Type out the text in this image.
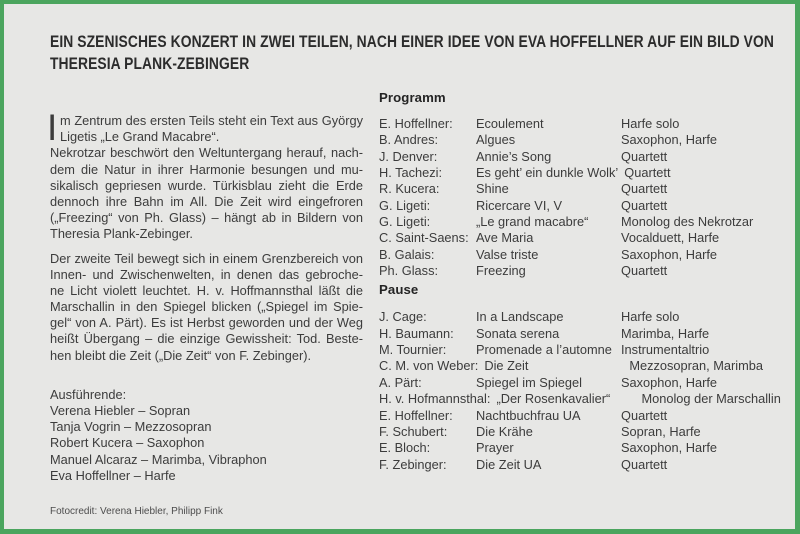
EIN SZENISCHES KONZERT IN ZWEI TEILEN, NACH EINER IDEE VON EVA HOFFELLNER AUF EIN BILD VON
THERESIA PLANK-ZEBINGER
I m Zentrum des ersten Teils steht ein Text aus György
Ligetis „Le Grand Macabre“.
Nekrotzar beschwört den Weltuntergang herauf, nach-
dem die Natur in ihrer Harmonie besungen und mu-
sikalisch gepriesen wurde. Türkisblau zieht die Erde
dennoch ihre Bahn im All. Die Zeit wird eingefroren
(„Freezing“ von Ph. Glass) – hängt ab in Bildern von
Theresia Plank-Zebinger.
Der zweite Teil bewegt sich in einem Grenzbereich von
Innen- und Zwischenwelten, in denen das gebroche-
ne Licht violett leuchtet. H. v. Hoffmannsthal läßt die
Marschallin in den Spiegel blicken („Spiegel im Spie-
gel“ von A. Pärt). Es ist Herbst geworden und der Weg
heißt Übergang – die einzige Gewissheit: Tod. Beste-
hen bleibt die Zeit („Die Zeit“ von F. Zebinger).
Ausführende:
Verena Hiebler – Sopran
Tanja Vogrin – Mezzosopran
Robert Kucera – Saxophon
Manuel Alcaraz – Marimba, Vibraphon
Eva Hoffellner – Harfe
Programm
E. Hoffellner:	Ecoulement	Harfe solo
B. Andres:	Algues	Saxophon, Harfe
J. Denver:	Annie’s Song	Quartett
H. Tachezi:	Es geht’ ein dunkle Wolk’ Quartett
R. Kucera:	Shine	Quartett
G. Ligeti:	Ricercare VI, V	Quartett
G. Ligeti:	„Le grand macabre“	Monolog des Nekrotzar
C. Saint-Saens: Ave Maria	Vocalduett, Harfe
B. Galais:	Valse triste	Saxophon, Harfe
Ph. Glass:	Freezing	Quartett
Pause
J. Cage:	In a Landscape	Harfe solo
H. Baumann:	Sonata serena	Marimba, Harfe
M. Tournier:	Promenade a l’automne Instrumentaltrio
C. M. von Weber: Die Zeit	Mezzosopran, Marimba
A. Pärt:	Spiegel im Spiegel	Saxophon, Harfe
H. v. Hofmannsthal: „Der Rosenkavalier“	Monolog der Marschallin
E. Hoffellner:	Nachtbuchfrau UA	Quartett
F. Schubert:	Die Krähe	Sopran, Harfe
E. Bloch:	Prayer	Saxophon, Harfe
F. Zebinger:	Die Zeit UA	Quartett
Fotocredit: Verena Hiebler, Philipp Fink
